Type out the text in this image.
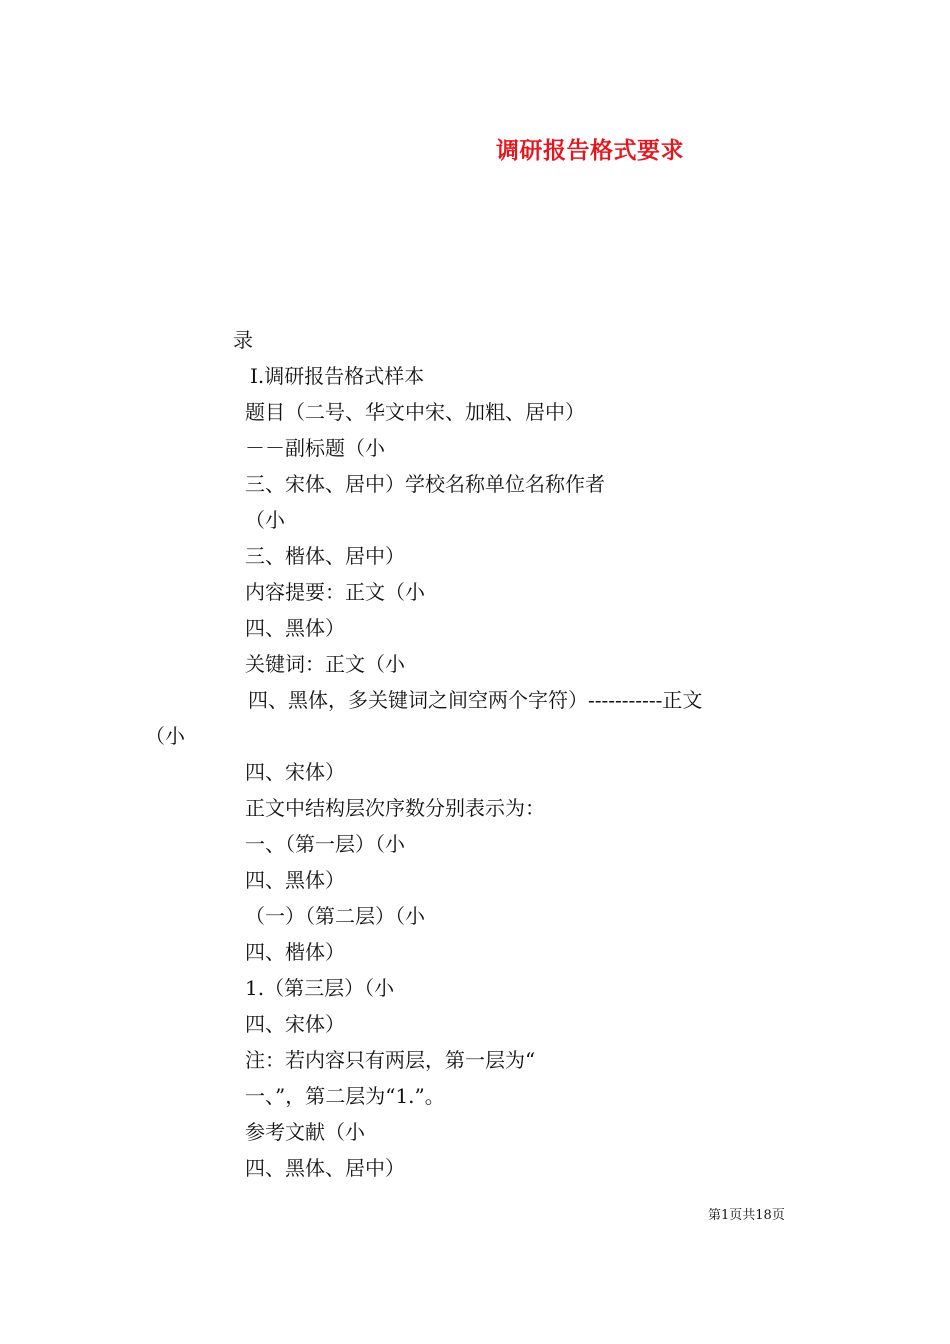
调研报告格式要求
录
Ⅰ.调研报告格式样本
题目（二号、华文中宋、加粗、居中）
－－副标题（小
三、宋体、居中）学校名称单位名称作者
（小
三、楷体、居中）
内容提要：正文（小
四、黑体）
关键词：正文（小
四、黑体，多关键词之间空两个字符）-----------正文
（小
四、宋体）
正文中结构层次序数分别表示为：
一、（第一层）（小
四、黑体）
（一）（第二层）（小
四、楷体）
1.（第三层）（小
四、宋体）
注：若内容只有两层，第一层为“
一、”，第二层为“1.”。
参考文献（小
四、黑体、居中）
第1页共18页
